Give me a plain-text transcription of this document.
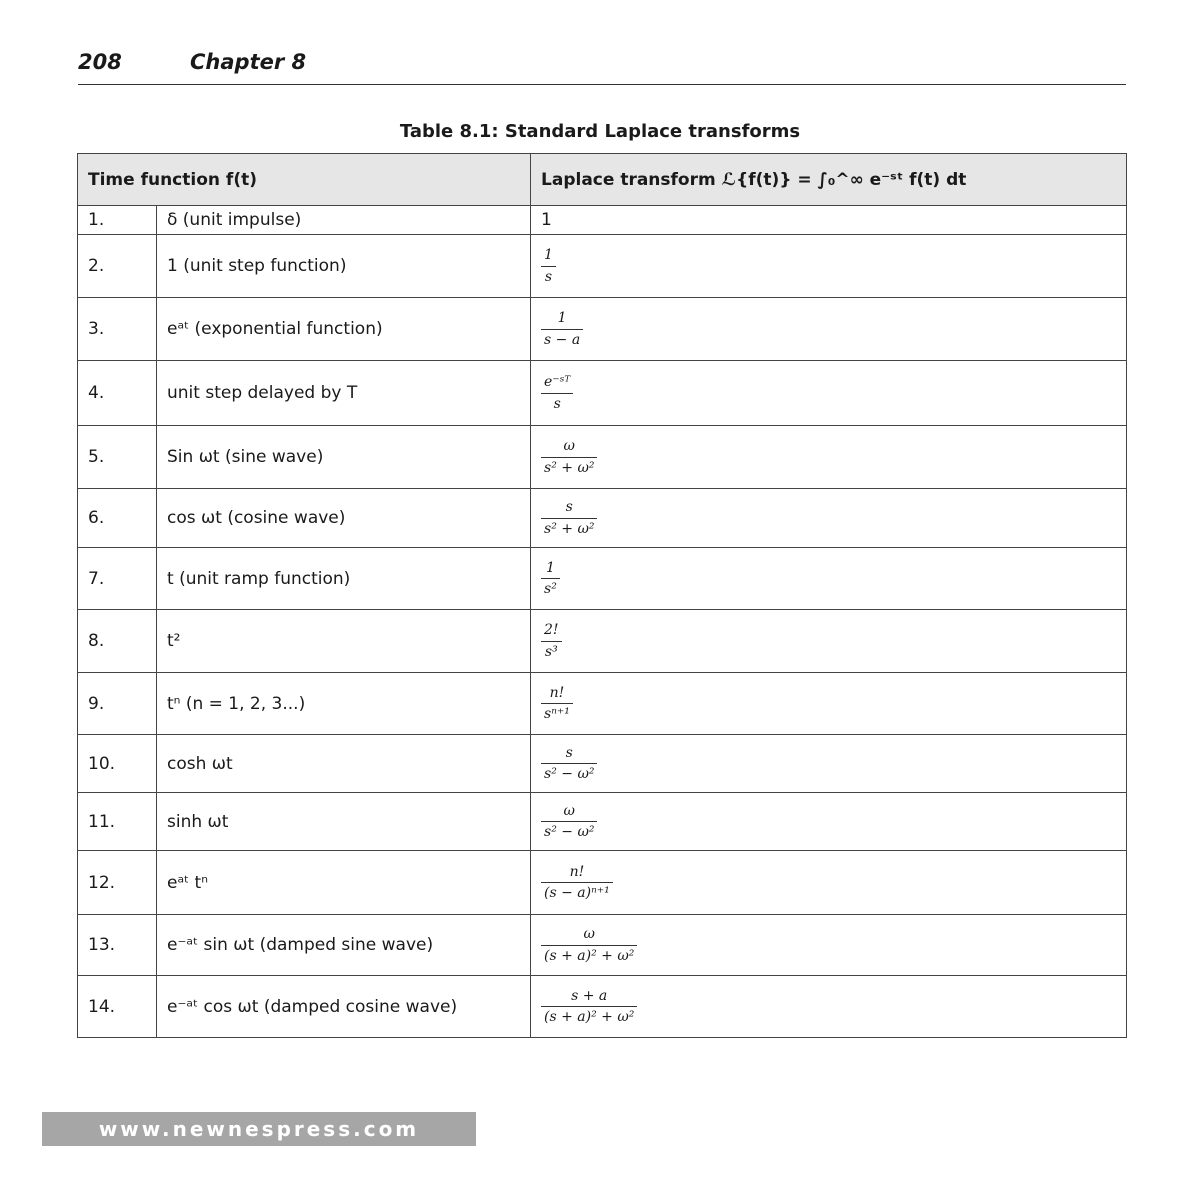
208	Chapter 8
Table 8.1: Standard Laplace transforms
Time function f(t)		Laplace transform ℒ{f(t)} = ∫₀^∞ e⁻ˢᵗ f(t) dt
1.	δ (unit impulse)	1
2.	1 (unit step function)	$\frac{1}{s}$

3.	eᵃᵗ (exponential function)	$\frac{1}{s - a}$

4.	unit step delayed by T	$\frac{\text{e⁻ˢᵀ}}{s}$

5.	Sin ωt (sine wave)	$\frac{\omega}{\text{s² + ω²}}$

6.	cos ωt (cosine wave)	$\frac{s}{\text{s² + ω²}}$

7.	t (unit ramp function)	$\frac{1}{\text{s²}}$

8.	t²	$\frac{2!}{\text{s³}}$

9.	tⁿ (n = 1, 2, 3...)	$\frac{n!}{\text{sⁿ⁺¹}}$

10.	cosh ωt	$\frac{s}{\text{s² − ω²}}$

11.	sinh ωt	$\frac{\omega}{\text{s² − ω²}}$

12.	eᵃᵗ tⁿ	$\frac{n!}{\text{(s − a)ⁿ⁺¹}}$

13.	e⁻ᵃᵗ sin ωt (damped sine wave)	$\frac{\omega}{\text{(s + a)² + ω²}}$

14.	e⁻ᵃᵗ cos ωt (damped cosine wave)	$\frac{s + a}{\text{(s + a)² + ω²}}$
www.newnespress.com
